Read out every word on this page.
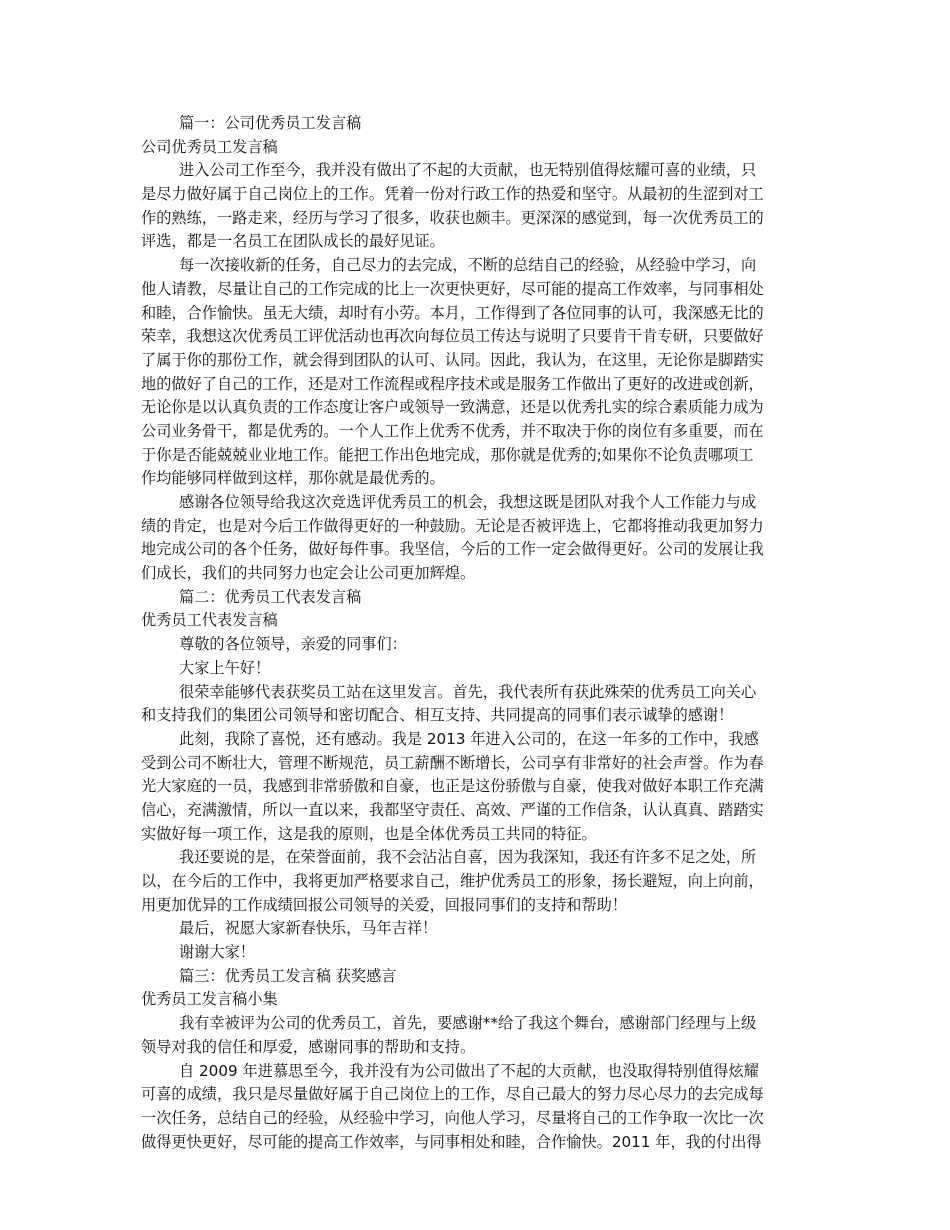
篇一：公司优秀员工发言稿
公司优秀员工发言稿
进入公司工作至今，我并没有做出了不起的大贡献，也无特别值得炫耀可喜的业绩，只
是尽力做好属于自己岗位上的工作。凭着一份对行政工作的热爱和坚守。从最初的生涩到对工
作的熟练，一路走来，经历与学习了很多，收获也颇丰。更深深的感觉到，每一次优秀员工的
评选，都是一名员工在团队成长的最好见证。
每一次接收新的任务，自己尽力的去完成，不断的总结自己的经验，从经验中学习，向
他人请教，尽量让自己的工作完成的比上一次更快更好，尽可能的提高工作效率，与同事相处
和睦，合作愉快。虽无大绩，却时有小劳。本月，工作得到了各位同事的认可，我深感无比的
荣幸，我想这次优秀员工评优活动也再次向每位员工传达与说明了只要肯干肯专研，只要做好
了属于你的那份工作，就会得到团队的认可、认同。因此，我认为，在这里，无论你是脚踏实
地的做好了自己的工作，还是对工作流程或程序技术或是服务工作做出了更好的改进或创新，
无论你是以认真负责的工作态度让客户或领导一致满意，还是以优秀扎实的综合素质能力成为
公司业务骨干，都是优秀的。一个人工作上优秀不优秀，并不取决于你的岗位有多重要，而在
于你是否能兢兢业业地工作。能把工作出色地完成，那你就是优秀的;如果你不论负责哪项工
作均能够同样做到这样，那你就是最优秀的。
感谢各位领导给我这次竞选评优秀员工的机会，我想这既是团队对我个人工作能力与成
绩的肯定，也是对今后工作做得更好的一种鼓励。无论是否被评选上，它都将推动我更加努力
地完成公司的各个任务，做好每件事。我坚信，今后的工作一定会做得更好。公司的发展让我
们成长，我们的共同努力也定会让公司更加辉煌。
篇二：优秀员工代表发言稿
优秀员工代表发言稿
尊敬的各位领导，亲爱的同事们：
大家上午好！
很荣幸能够代表获奖员工站在这里发言。首先，我代表所有获此殊荣的优秀员工向关心
和支持我们的集团公司领导和密切配合、相互支持、共同提高的同事们表示诚挚的感谢！
此刻，我除了喜悦，还有感动。我是 2013 年进入公司的，在这一年多的工作中，我感
受到公司不断壮大，管理不断规范，员工薪酬不断增长，公司享有非常好的社会声誉。作为春
光大家庭的一员，我感到非常骄傲和自豪，也正是这份骄傲与自豪，使我对做好本职工作充满
信心，充满激情，所以一直以来，我都坚守责任、高效、严谨的工作信条，认认真真、踏踏实
实做好每一项工作，这是我的原则，也是全体优秀员工共同的特征。
我还要说的是，在荣誉面前，我不会沾沾自喜，因为我深知，我还有许多不足之处，所
以，在今后的工作中，我将更加严格要求自己，维护优秀员工的形象，扬长避短，向上向前，
用更加优异的工作成绩回报公司领导的关爱，回报同事们的支持和帮助！
最后，祝愿大家新春快乐，马年吉祥！
谢谢大家！
篇三：优秀员工发言稿 获奖感言
优秀员工发言稿小集
我有幸被评为公司的优秀员工，首先，要感谢**给了我这个舞台，感谢部门经理与上级
领导对我的信任和厚爱，感谢同事的帮助和支持。
自 2009 年进慕思至今，我并没有为公司做出了不起的大贡献，也没取得特别值得炫耀
可喜的成绩，我只是尽量做好属于自己岗位上的工作，尽自己最大的努力尽心尽力的去完成每
一次任务，总结自己的经验，从经验中学习，向他人学习，尽量将自己的工作争取一次比一次
做得更快更好，尽可能的提高工作效率，与同事相处和睦，合作愉快。2011 年，我的付出得
